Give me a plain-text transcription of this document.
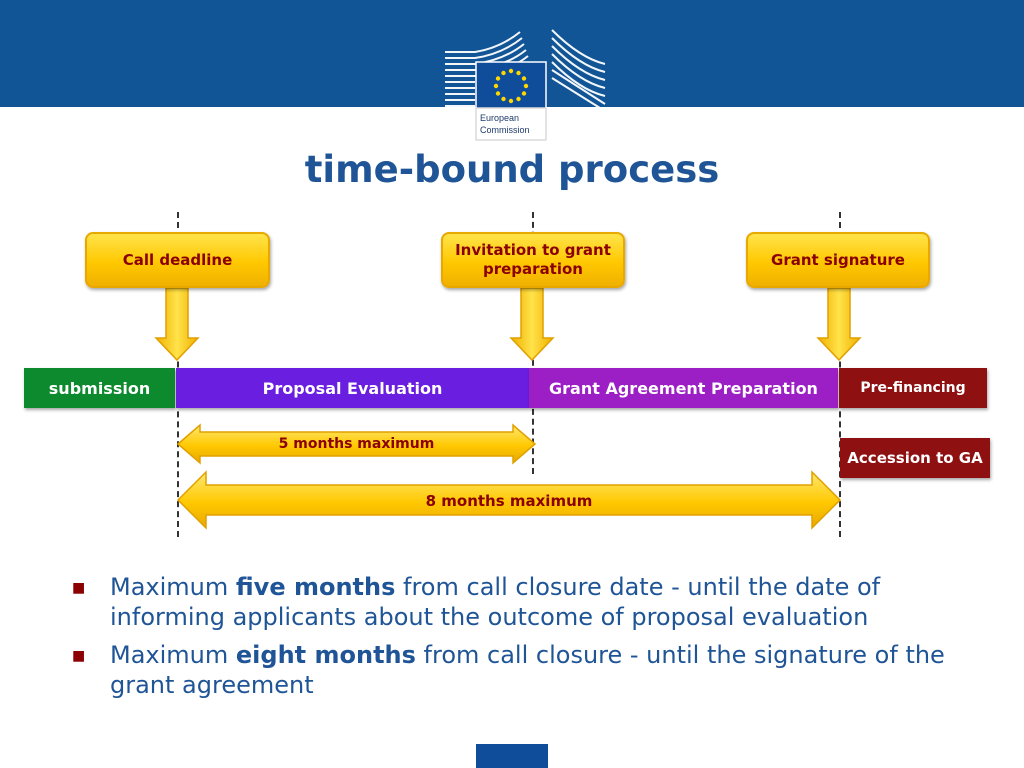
European
Commission
time-bound process
Call deadline
Invitation to grant preparation
Grant signature
submission	Proposal Evaluation	Grant Agreement Preparation	Pre-financing
Accession to GA
5 months maximum
8 months maximum

■ Maximum five months from call closure date - until the date of informing applicants about the outcome of proposal evaluation

■ Maximum eight months from call closure - until the signature of the grant agreement
